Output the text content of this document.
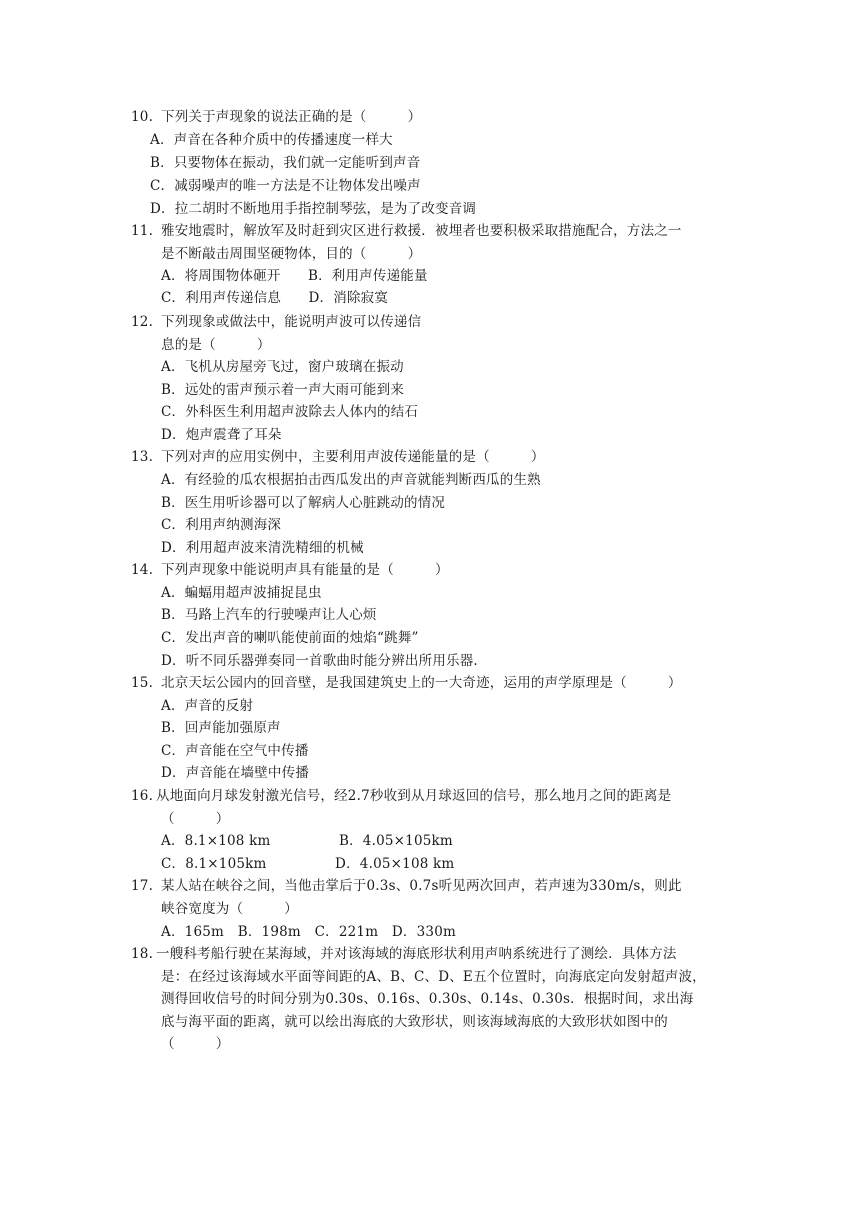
10. 下列关于声现象的说法正确的是（　　　）
A．声音在各种介质中的传播速度一样大
B．只要物体在振动，我们就一定能听到声音
C．减弱噪声的唯一方法是不让物体发出噪声
D．拉二胡时不断地用手指控制琴弦，是为了改变音调
11. 雅安地震时，解放军及时赶到灾区进行救援．被埋者也要积极采取措施配合，方法之一
是不断敲击周围坚硬物体，目的（　　　）
A．将周围物体砸开　　B．利用声传递能量
C．利用声传递信息　　D．消除寂寞
12. 下列现象或做法中，能说明声波可以传递信
息的是（　　　）
A．飞机从房屋旁飞过，窗户玻璃在振动
B．远处的雷声预示着一声大雨可能到来
C．外科医生利用超声波除去人体内的结石
D．炮声震聋了耳朵
13. 下列对声的应用实例中，主要利用声波传递能量的是（　　　）
A．有经验的瓜农根据拍击西瓜发出的声音就能判断西瓜的生熟
B．医生用听诊器可以了解病人心脏跳动的情况
C．利用声纳测海深
D．利用超声波来清洗精细的机械
14. 下列声现象中能说明声具有能量的是（　　　）
A．蝙蝠用超声波捕捉昆虫
B．马路上汽车的行驶噪声让人心烦
C．发出声音的喇叭能使前面的烛焰“跳舞”
D．听不同乐器弹奏同一首歌曲时能分辨出所用乐器.
15. 北京天坛公园内的回音壁，是我国建筑史上的一大奇迹，运用的声学原理是（　　　）
A．声音的反射
B．回声能加强原声
C．声音能在空气中传播
D．声音能在墙壁中传播
16. 从地面向月球发射激光信号，经2.7秒收到从月球返回的信号，那么地月之间的距离是
（　　　）
A．8.1×108 km　　　　　B．4.05×105km
C．8.1×105km　　　　　D．4.05×108 km
17. 某人站在峡谷之间，当他击掌后于0.3s、0.7s听见两次回声，若声速为330m/s，则此
峡谷宽度为（　　　）
A．165m　B．198m　C．221m　D．330m
18. 一艘科考船行驶在某海域，并对该海域的海底形状利用声呐系统进行了测绘．具体方法
是：在经过该海域水平面等间距的A、B、C、D、E五个位置时，向海底定向发射超声波，
测得回收信号的时间分别为0.30s、0.16s、0.30s、0.14s、0.30s．根据时间，求出海
底与海平面的距离，就可以绘出海底的大致形状，则该海域海底的大致形状如图中的
（　　　）
